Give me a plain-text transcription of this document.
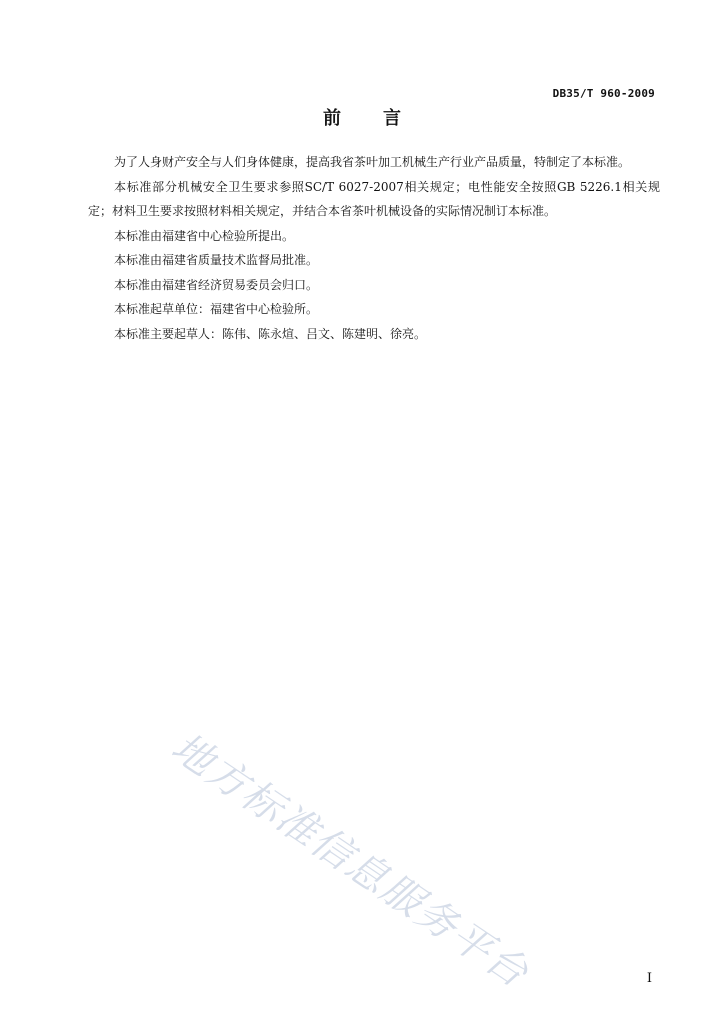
DB35/T 960-2009
前言

为了人身财产安全与人们身体健康，提高我省茶叶加工机械生产行业产品质量，特制定了本标准。

本标准部分机械安全卫生要求参照SC/T 6027-2007相关规定；电性能安全按照GB 5226.1相关规定；材料卫生要求按照材料相关规定，并结合本省茶叶机械设备的实际情况制订本标准。

本标准由福建省中心检验所提出。

本标准由福建省质量技术监督局批准。

本标准由福建省经济贸易委员会归口。

本标准起草单位：福建省中心检验所。

本标准主要起草人：陈伟、陈永煊、吕文、陈建明、徐亮。

地方标准信息服务平台	I
